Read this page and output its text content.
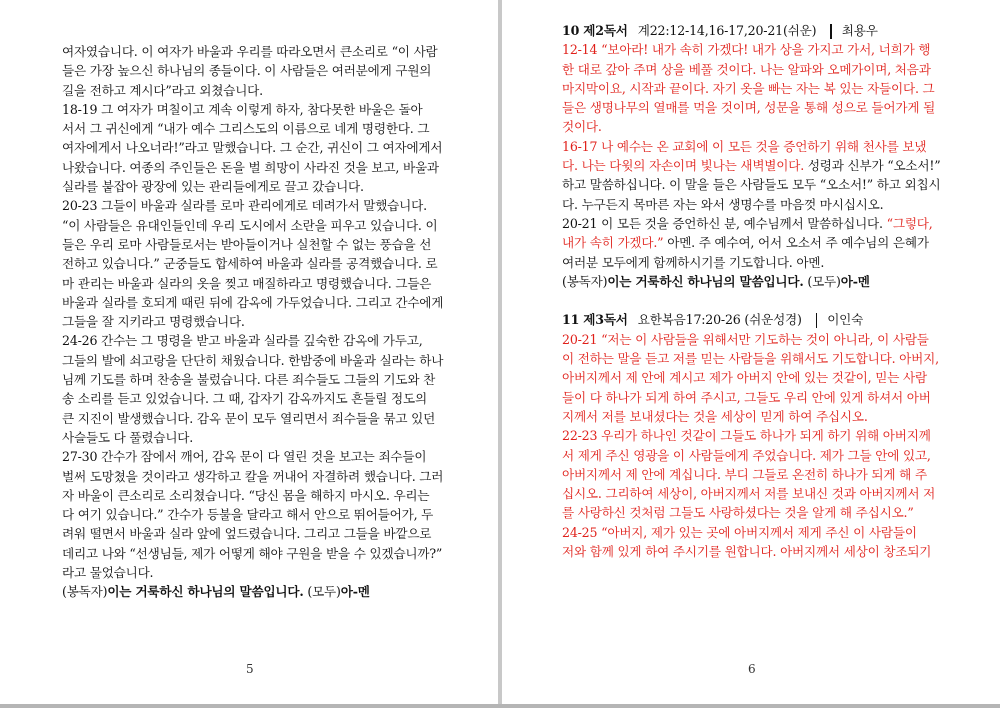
여자였습니다. 이 여자가 바울과 우리를 따라오면서 큰소리로 “이 사람
들은 가장 높으신 하나님의 종들이다. 이 사람들은 여러분에게 구원의
길을 전하고 계시다”라고 외쳤습니다.
18-19 그 여자가 며칠이고 계속 이렇게 하자, 참다못한 바울은 돌아
서서 그 귀신에게 “내가 예수 그리스도의 이름으로 네게 명령한다. 그
여자에게서 나오너라!”라고 말했습니다. 그 순간, 귀신이 그 여자에게서
나왔습니다. 여종의 주인들은 돈을 벌 희망이 사라진 것을 보고, 바울과
실라를 붙잡아 광장에 있는 관리들에게로 끌고 갔습니다.
20-23 그들이 바울과 실라를 로마 관리에게로 데려가서 말했습니다.
“이 사람들은 유대인들인데 우리 도시에서 소란을 피우고 있습니다. 이
들은 우리 로마 사람들로서는 받아들이거나 실천할 수 없는 풍습을 선
전하고 있습니다.” 군중들도 합세하여 바울과 실라를 공격했습니다. 로
마 관리는 바울과 실라의 옷을 찢고 매질하라고 명령했습니다. 그들은
바울과 실라를 호되게 때린 뒤에 감옥에 가두었습니다. 그리고 간수에게
그들을 잘 지키라고 명령했습니다.
24-26 간수는 그 명령을 받고 바울과 실라를 깊숙한 감옥에 가두고,
그들의 발에 쇠고랑을 단단히 채웠습니다. 한밤중에 바울과 실라는 하나
님께 기도를 하며 찬송을 불렀습니다. 다른 죄수들도 그들의 기도와 찬
송 소리를 듣고 있었습니다. 그 때, 갑자기 감옥까지도 흔들릴 정도의
큰 지진이 발생했습니다. 감옥 문이 모두 열리면서 죄수들을 묶고 있던
사슬들도 다 풀렸습니다.
27-30 간수가 잠에서 깨어, 감옥 문이 다 열린 것을 보고는 죄수들이
벌써 도망쳤을 것이라고 생각하고 칼을 꺼내어 자결하려 했습니다. 그러
자 바울이 큰소리로 소리쳤습니다. “당신 몸을 해하지 마시오. 우리는
다 여기 있습니다.” 간수가 등불을 달라고 해서 안으로 뛰어들어가, 두
려워 떨면서 바울과 실라 앞에 엎드렸습니다. 그리고 그들을 바깥으로
데리고 나와 “선생님들, 제가 어떻게 해야 구원을 받을 수 있겠습니까?”
라고 물었습니다.
(봉독자)이는 거룩하신 하나님의 말씀입니다. (모두)아-멘
5
10 제2독서 계22:12-14,16-17,20-21(쉬운) 최용우
12-14 “보아라! 내가 속히 가겠다! 내가 상을 가지고 가서, 너희가 행
한 대로 갚아 주며 상을 베풀 것이다. 나는 알파와 오메가이며, 처음과
마지막이요, 시작과 끝이다. 자기 옷을 빠는 자는 복 있는 자들이다. 그
들은 생명나무의 열매를 먹을 것이며, 성문을 통해 성으로 들어가게 될
것이다.
16-17 나 예수는 온 교회에 이 모든 것을 증언하기 위해 천사를 보냈
다. 나는 다윗의 자손이며 빛나는 새벽별이다. 성령과 신부가 “오소서!”
하고 말씀하십니다. 이 말을 들은 사람들도 모두 “오소서!” 하고 외칩시
다. 누구든지 목마른 자는 와서 생명수를 마음껏 마시십시오.
20-21 이 모든 것을 증언하신 분, 예수님께서 말씀하십니다. “그렇다,
내가 속히 가겠다.” 아멘. 주 예수여, 어서 오소서 주 예수님의 은혜가
여러분 모두에게 함께하시기를 기도합니다. 아멘.
(봉독자)이는 거룩하신 하나님의 말씀입니다. (모두)아-멘
11 제3독서 요한복음17:20-26 (쉬운성경) 이인숙
20-21 “저는 이 사람들을 위해서만 기도하는 것이 아니라, 이 사람들
이 전하는 말을 듣고 저를 믿는 사람들을 위해서도 기도합니다. 아버지,
아버지께서 제 안에 계시고 제가 아버지 안에 있는 것같이, 믿는 사람
들이 다 하나가 되게 하여 주시고, 그들도 우리 안에 있게 하셔서 아버
지께서 저를 보내셨다는 것을 세상이 믿게 하여 주십시오.
22-23 우리가 하나인 것같이 그들도 하나가 되게 하기 위해 아버지께
서 제게 주신 영광을 이 사람들에게 주었습니다. 제가 그들 안에 있고,
아버지께서 제 안에 계십니다. 부디 그들로 온전히 하나가 되게 해 주
십시오. 그리하여 세상이, 아버지께서 저를 보내신 것과 아버지께서 저
를 사랑하신 것처럼 그들도 사랑하셨다는 것을 알게 해 주십시오.”
24-25 “아버지, 제가 있는 곳에 아버지께서 제게 주신 이 사람들이
저와 함께 있게 하여 주시기를 원합니다. 아버지께서 세상이 창조되기
6
